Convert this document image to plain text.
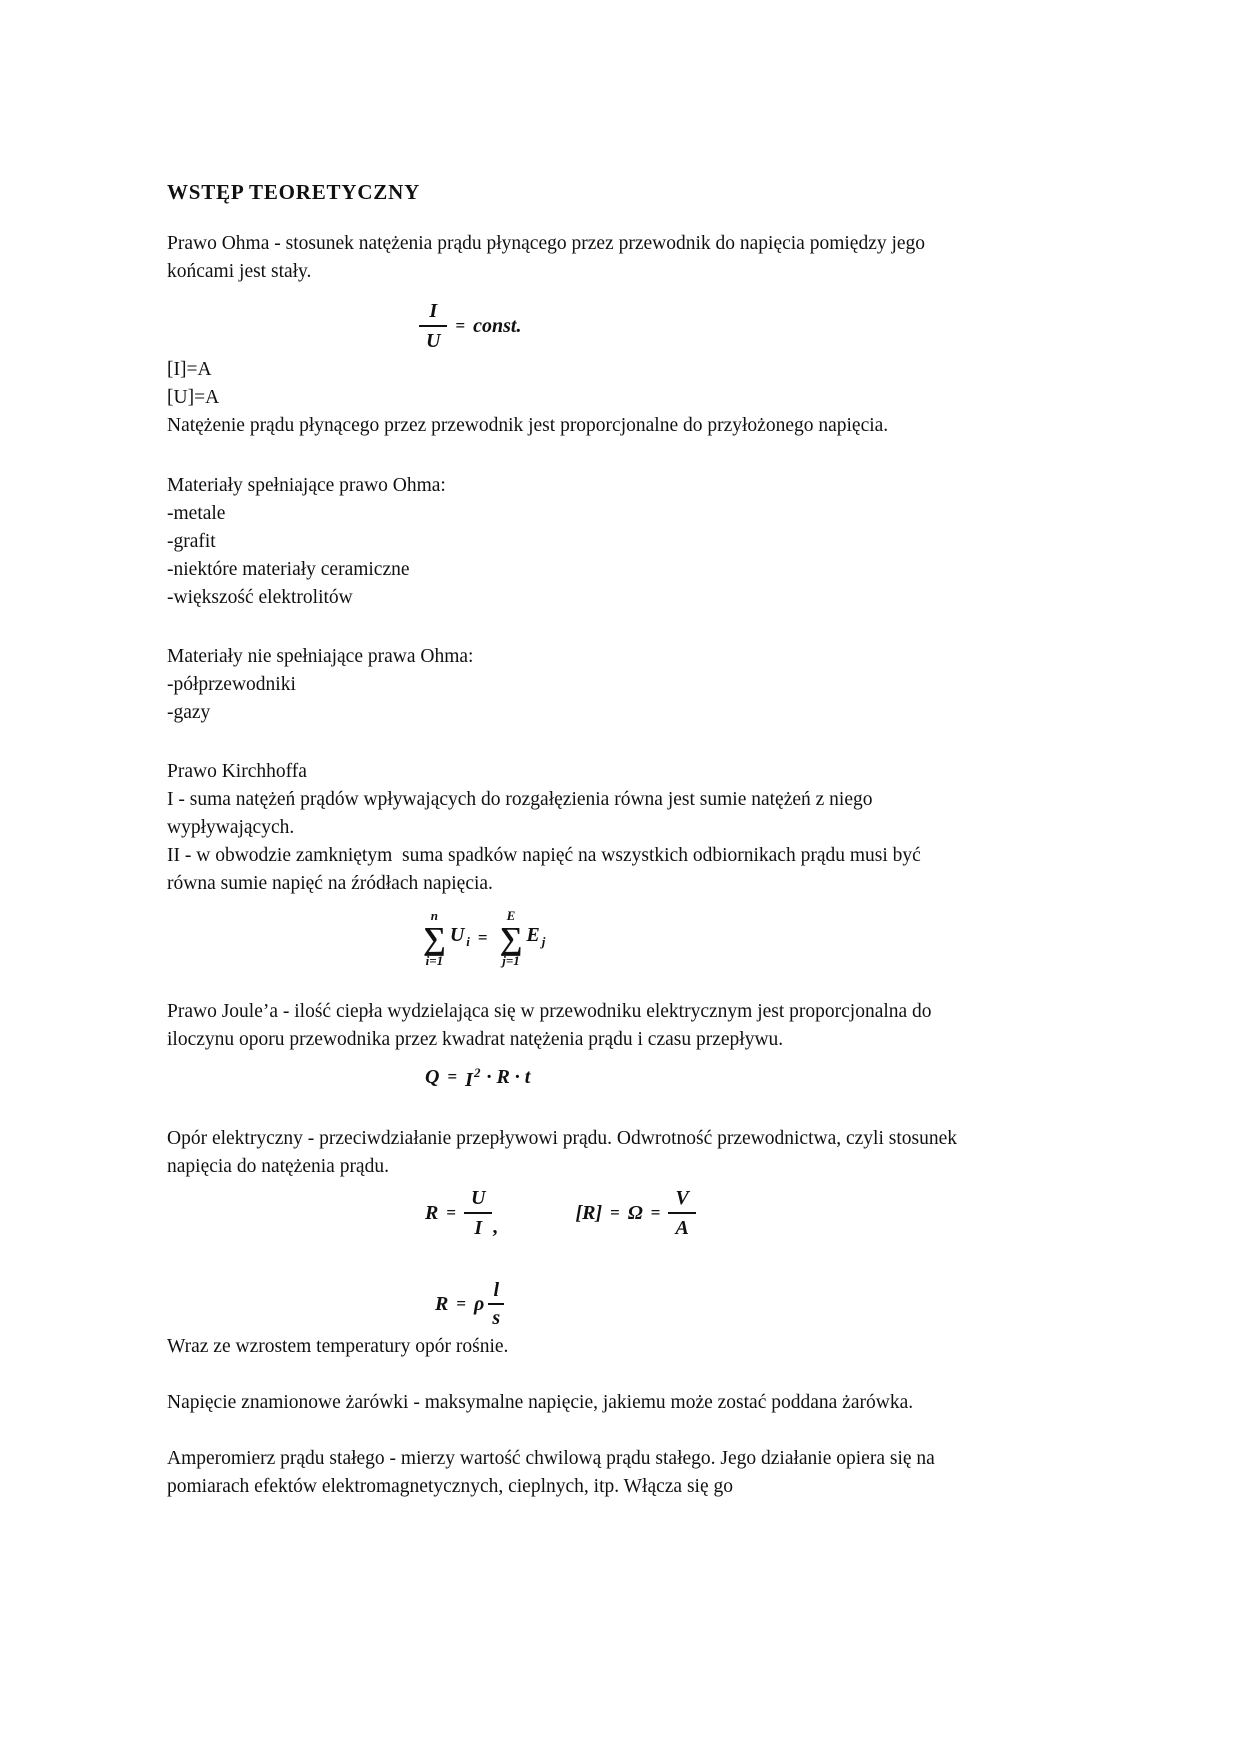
WSTĘP TEORETYCZNY

Prawo Ohma - stosunek natężenia prądu płynącego przez przewodnik do napięcia pomiędzy jego końcami jest stały.

$\frac{I}{U}$ = const.

[I]=A

[U]=A

Natężenie prądu płynącego przez przewodnik jest proporcjonalne do przyłożonego napięcia.

Materiały spełniające prawo Ohma:

-metale
-grafit
-niektóre materiały ceramiczne
-większość elektrolitów

Materiały nie spełniające prawa Ohma:

-półprzewodniki
-gazy

Prawo Kirchhoffa

I - suma natężeń prądów wpływających do rozgałęzienia równa jest sumie natężeń z niego wypływających.

II - w obwodzie zamkniętym  suma spadków napięć na wszystkich odbiornikach prądu musi być równa sumie napięć na źródłach napięcia.

n
∑
i=1
U $_i$ =
E
∑
j=1
E $_j$

Prawo Joule’a - ilość ciepła wydzielająca się w przewodniku elektrycznym jest proporcjonalna do iloczynu oporu przewodnika przez kwadrat natężenia prądu i czasu przepływu.

$Q = I^2 \cdot R \cdot t$

Opór elektryczny - przeciwdziałanie przepływowi prądu. Odwrotność przewodnictwa, czyli stosunek napięcia do natężenia prądu.

$R = \frac{U}{I}$ ,
$[R] = \Omega = \frac{V}{A}$
R = ρ $\frac{l}{s}$

Wraz ze wzrostem temperatury opór rośnie.

Napięcie znamionowe żarówki - maksymalne napięcie, jakiemu może zostać poddana żarówka.

Amperomierz prądu stałego - mierzy wartość chwilową prądu stałego. Jego działanie opiera się na pomiarach efektów elektromagnetycznych, cieplnych, itp. Włącza się go
